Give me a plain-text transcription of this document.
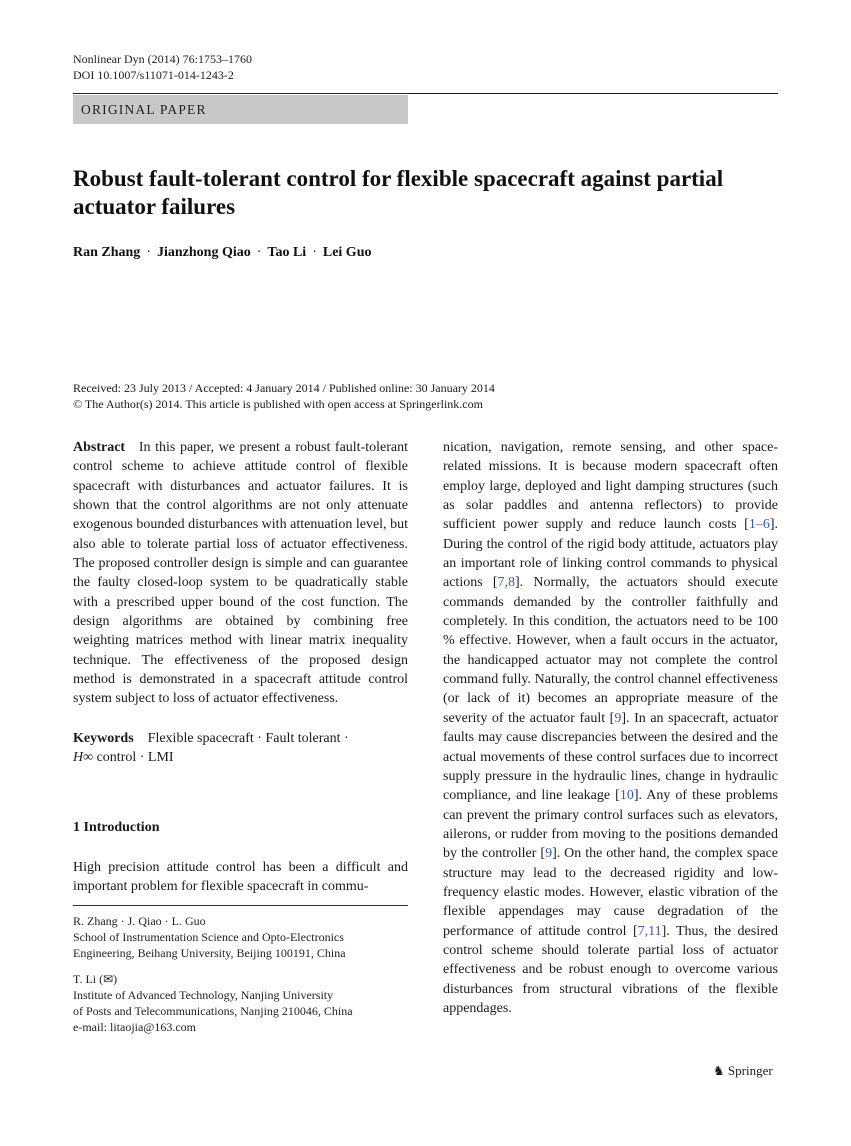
Nonlinear Dyn (2014) 76:1753–1760
DOI 10.1007/s11071-014-1243-2
ORIGINAL PAPER
Robust fault-tolerant control for flexible spacecraft against partial actuator failures
Ran Zhang · Jianzhong Qiao · Tao Li · Lei Guo
Received: 23 July 2013 / Accepted: 4 January 2014 / Published online: 30 January 2014
© The Author(s) 2014. This article is published with open access at Springerlink.com

Abstract In this paper, we present a robust fault-tolerant control scheme to achieve attitude control of flexible spacecraft with disturbances and actuator failures. It is shown that the control algorithms are not only attenuate exogenous bounded disturbances with attenuation level, but also able to tolerate partial loss of actuator effectiveness. The proposed controller design is simple and can guarantee the faulty closed-loop system to be quadratically stable with a prescribed upper bound of the cost function. The design algorithms are obtained by combining free weighting matrices method with linear matrix inequality technique. The effectiveness of the proposed design method is demonstrated in a spacecraft attitude control system subject to loss of actuator effectiveness.

Keywords Flexible spacecraft · Fault tolerant ·
H∞ control · LMI

1 Introduction
High precision attitude control has been a difficult and important problem for flexible spacecraft in commu-

R. Zhang · J. Qiao · L. Guo

School of Instrumentation Science and Opto-Electronics

Engineering, Beihang University, Beijing 100191, China

T. Li (✉)

Institute of Advanced Technology, Nanjing University

of Posts and Telecommunications, Nanjing 210046, China

e-mail: litaojia@163.com

nication, navigation, remote sensing, and other space-related missions. It is because modern spacecraft often employ large, deployed and light damping structures (such as solar paddles and antenna reflectors) to provide sufficient power supply and reduce launch costs [1–6]. During the control of the rigid body attitude, actuators play an important role of linking control commands to physical actions [7,8]. Normally, the actuators should execute commands demanded by the controller faithfully and completely. In this condition, the actuators need to be 100 % effective. However, when a fault occurs in the actuator, the handicapped actuator may not complete the control command fully. Naturally, the control channel effectiveness (or lack of it) becomes an appropriate measure of the severity of the actuator fault [9]. In an spacecraft, actuator faults may cause discrepancies between the desired and the actual movements of these control surfaces due to incorrect supply pressure in the hydraulic lines, change in hydraulic compliance, and line leakage [10]. Any of these problems can prevent the primary control surfaces such as elevators, ailerons, or rudder from moving to the positions demanded by the controller [9]. On the other hand, the complex space structure may lead to the decreased rigidity and low-frequency elastic modes. However, elastic vibration of the flexible appendages may cause degradation of the performance of attitude control [7,11]. Thus, the desired control scheme should tolerate partial loss of actuator effectiveness and be robust enough to overcome various disturbances from structural vibrations of the flexible appendages.

♞ Springer
